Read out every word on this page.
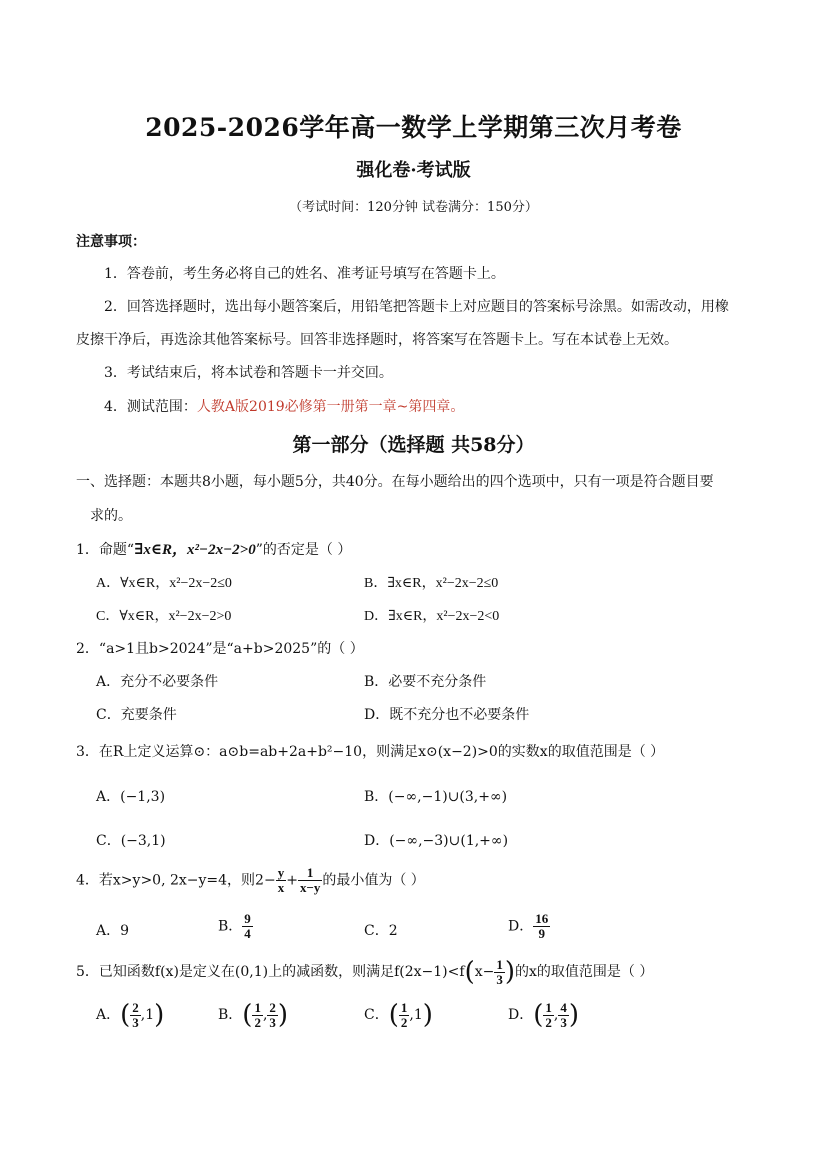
2025-2026学年高一数学上学期第三次月考卷
强化卷·考试版
（考试时间：120分钟 试卷满分：150分）
注意事项：
1．答卷前，考生务必将自己的姓名、准考证号填写在答题卡上。
2．回答选择题时，选出每小题答案后，用铅笔把答题卡上对应题目的答案标号涂黑。如需改动，用橡
皮擦干净后，再选涂其他答案标号。回答非选择题时，将答案写在答题卡上。写在本试卷上无效。
3．考试结束后，将本试卷和答题卡一并交回。
4．测试范围：人教A版2019必修第一册第一章~第四章。
第一部分（选择题 共58分）
一、选择题：本题共8小题，每小题5分，共40分。在每小题给出的四个选项中，只有一项是符合题目要
求的。
1．命题“∃x∈R，x²−2x−2>0”的否定是（ ）
A．∀x∈R，x²−2x−2≤0	B．∃x∈R，x²−2x−2≤0
C．∀x∈R，x²−2x−2>0	D．∃x∈R，x²−2x−2<0
2．“a>1且b>2024”是“a+b>2025”的（ ）
A．充分不必要条件	B．必要不充分条件
C．充要条件	D．既不充分也不必要条件
3．在R上定义运算⊙：a⊙b=ab+2a+b²−10，则满足x⊙(x−2)>0的实数x的取值范围是（ ）
A．(−1,3)	B．(−∞,−1)∪(3,+∞)
C．(−3,1)	D．(−∞,−3)∪(1,+∞)
4．若x>y>0, 2x−y=4，则$2- \frac{y}{x} + \frac{1}{x-y}$ 的最小值为（ ）
A．9	B． $\frac{9}{4}$	C．2	D． $\frac{16}{9}$
5．已知函数f(x)是定义在(0,1)上的减函数，则满足$f(2x-1)<f(x- \frac{1}{3}$ )的x的取值范围是（ ）
A．( $\frac{2}{3} ,1$)	B．( $\frac{1}{2}$ , $\frac{2}{3}$ )	C．( $\frac{1}{2} ,1$)	D．( $\frac{1}{2}$ , $\frac{4}{3}$ )
